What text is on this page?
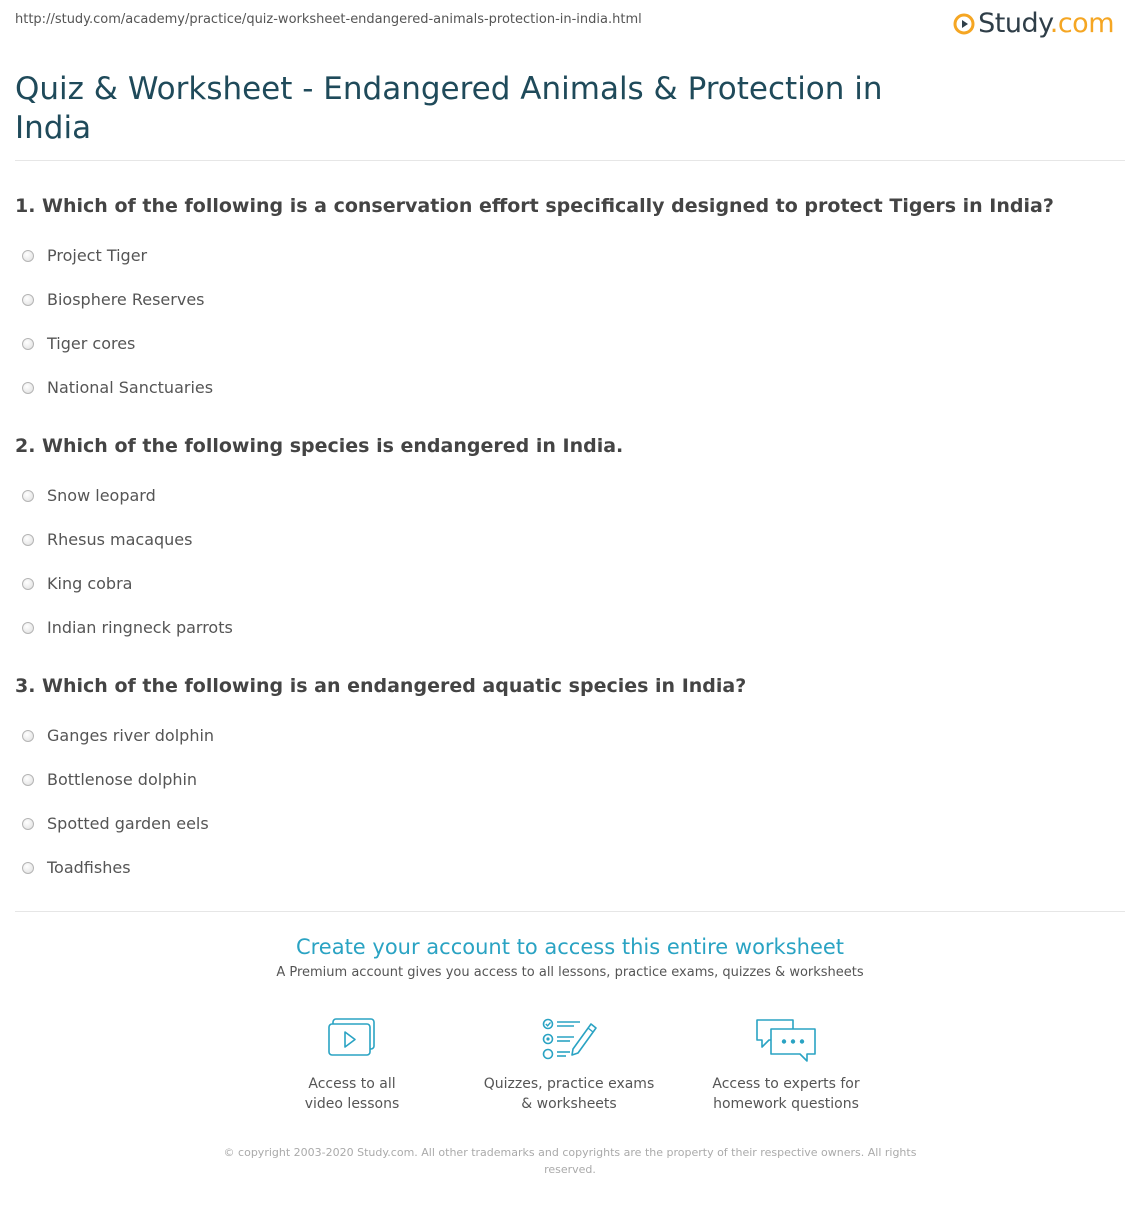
http://study.com/academy/practice/quiz-worksheet-endangered-animals-protection-in-india.html	Study.com
Quiz & Worksheet - Endangered Animals & Protection in India
1. Which of the following is a conservation effort specifically designed to protect Tigers in India?
Project Tiger
Biosphere Reserves
Tiger cores
National Sanctuaries
2. Which of the following species is endangered in India.
Snow leopard
Rhesus macaques
King cobra
Indian ringneck parrots
3. Which of the following is an endangered aquatic species in India?
Ganges river dolphin
Bottlenose dolphin
Spotted garden eels
Toadfishes
Create your account to access this entire worksheet
A Premium account gives you access to all lessons, practice exams, quizzes & worksheets
Access to all
video lessons
Quizzes, practice exams
& worksheets
Access to experts for
homework questions
© copyright 2003-2020 Study.com. All other trademarks and copyrights are the property of their respective owners. All rights reserved.
